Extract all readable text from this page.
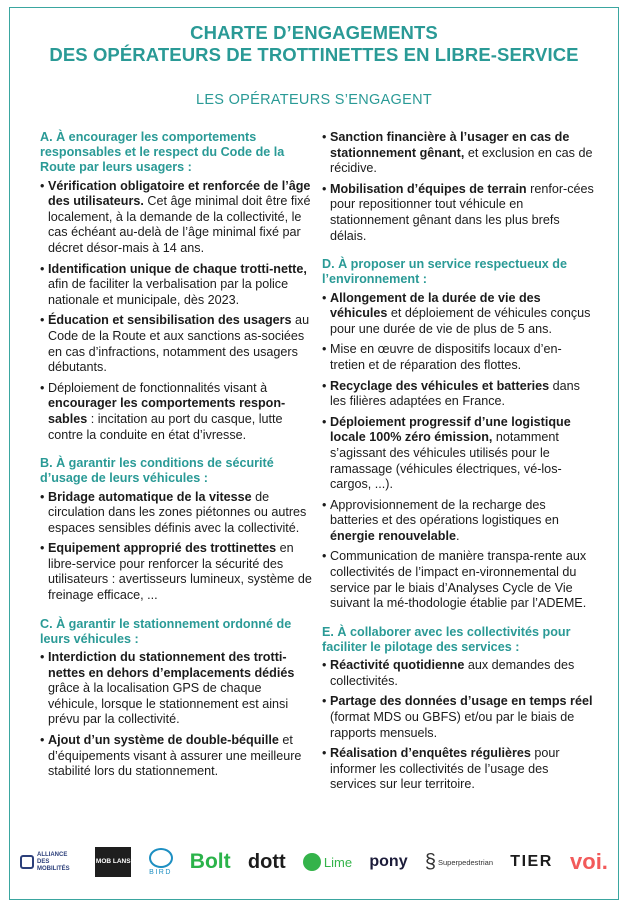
CHARTE D’ENGAGEMENTS
DES OPÉRATEURS DE TROTTINETTES EN LIBRE-SERVICE
LES OPÉRATEURS S’ENGAGENT
A. À encourager les comportements responsables et le respect du Code de la Route par leurs usagers :
• Vérification obligatoire et renforcée de l’âge des utilisateurs. Cet âge minimal doit être fixé localement, à la demande de la collectivité, le cas échéant au-delà de l’âge minimal fixé par décret désor-mais à 14 ans.
• Identification unique de chaque trotti-nette, afin de faciliter la verbalisation par la police nationale et municipale, dès 2023.
• Éducation et sensibilisation des usagers au Code de la Route et aux sanctions as-sociées en cas d’infractions, notamment des usagers débutants.
• Déploiement de fonctionnalités visant à encourager les comportements respon-sables : incitation au port du casque, lutte contre la conduite en état d’ivresse.
B. À garantir les conditions de sécurité d’usage de leurs véhicules :
• Bridage automatique de la vitesse de circulation dans les zones piétonnes ou autres espaces sensibles définis avec la collectivité.
• Equipement approprié des trottinettes en libre-service pour renforcer la sécurité des utilisateurs : avertisseurs lumineux, système de freinage efficace, ...
C. À garantir le stationnement ordonné de leurs véhicules :
• Interdiction du stationnement des trotti-nettes en dehors d’emplacements dédiés grâce à la localisation GPS de chaque véhicule, lorsque le stationnement est ainsi prévu par la collectivité.
• Ajout d’un système de double-béquille et d’équipements visant à assurer une meilleure stabilité lors du stationnement.
• Sanction financière à l’usager en cas de stationnement gênant, et exclusion en cas de récidive.
• Mobilisation d’équipes de terrain renfor-cées pour repositionner tout véhicule en stationnement gênant dans les plus brefs délais.
D. À proposer un service respectueux de l’environnement :
• Allongement de la durée de vie des véhicules et déploiement de véhicules conçus pour une durée de vie de plus de 5 ans.
• Mise en œuvre de dispositifs locaux d’en-tretien et de réparation des flottes.
• Recyclage des véhicules et batteries dans les filières adaptées en France.
• Déploiement progressif d’une logistique locale 100% zéro émission, notamment s’agissant des véhicules utilisés pour le ramassage (véhicules électriques, vé-los-cargos, ...).
• Approvisionnement de la recharge des batteries et des opérations logistiques en énergie renouvelable.
• Communication de manière transpa-rente aux collectivités de l’impact en-vironnemental du service par le biais d’Analyses Cycle de Vie suivant la mé-thodologie établie par l’ADEME.
E. À collaborer avec les collectivités pour faciliter le pilotage des services :
• Réactivité quotidienne aux demandes des collectivités.
• Partage des données d’usage en temps réel (format MDS ou GBFS) et/ou par le biais de rapports mensuels.
• Réalisation d’enquêtes régulières pour informer les collectivités de l’usage des services sur leur territoire.
ALLIANCE DES MOBILITÉS
MOB LANS
BIRD Bolt dott	Lime pony § Superpedestrian TIER voi.
